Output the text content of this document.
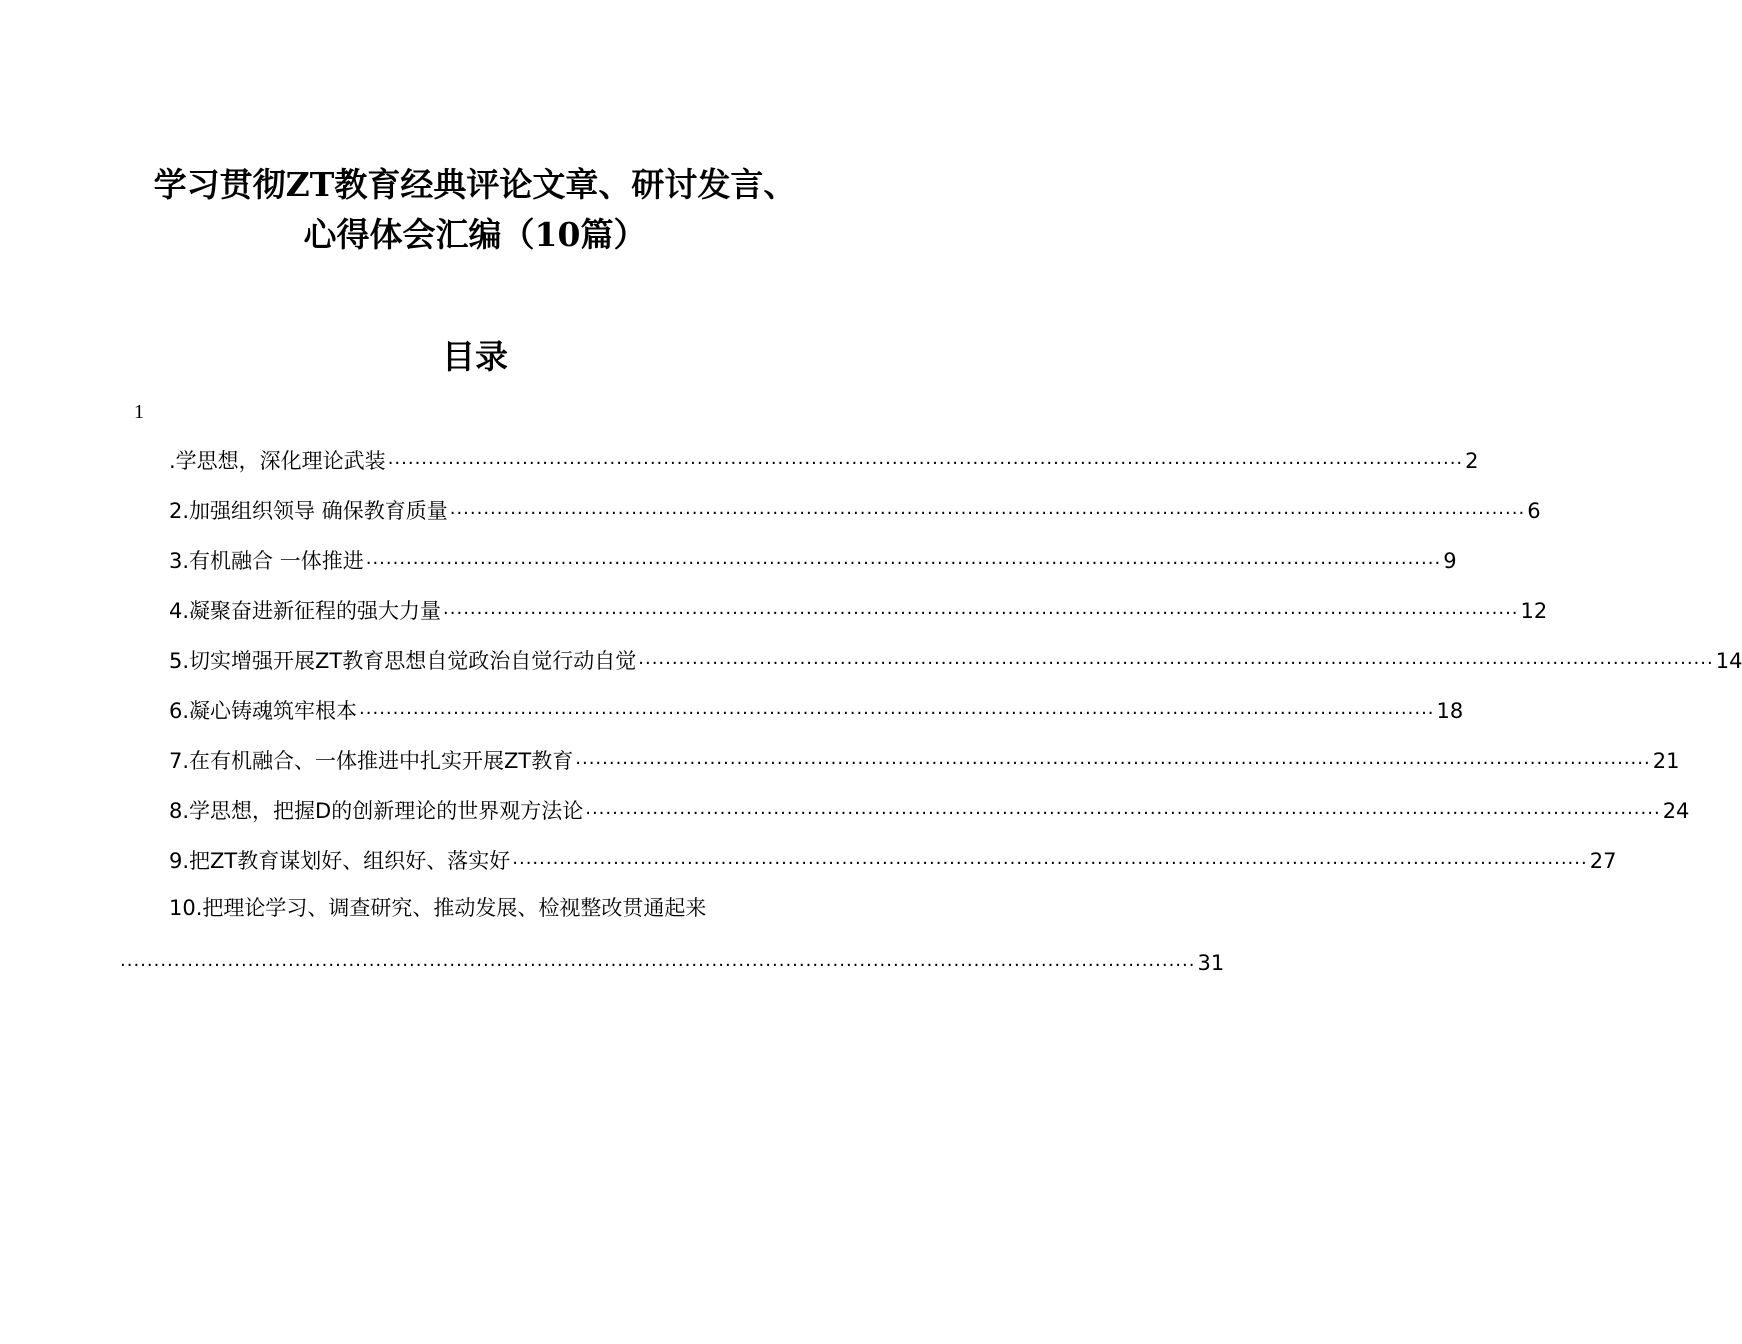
学习贯彻ZT教育经典评论文章、研讨发言、
心得体会汇编（10篇）
目录
1
.学思想，深化理论武装 ................................................................................................................................................................ 2
2.加强组织领导 确保教育质量 ................................................................................................................................................................ 6
3.有机融合 一体推进 ................................................................................................................................................................ 9
4.凝聚奋进新征程的强大力量 ................................................................................................................................................................ 12
5.切实增强开展ZT教育思想自觉政治自觉行动自觉 ................................................................................................................................................................ 14
6.凝心铸魂筑牢根本 ................................................................................................................................................................ 18
7.在有机融合、一体推进中扎实开展ZT教育 ................................................................................................................................................................ 21
8.学思想，把握D的创新理论的世界观方法论 ................................................................................................................................................................ 24
9.把ZT教育谋划好、组织好、落实好 ................................................................................................................................................................ 27
10.把理论学习、调查研究、推动发展、检视整改贯通起来
................................................................................................................................................................ 31
